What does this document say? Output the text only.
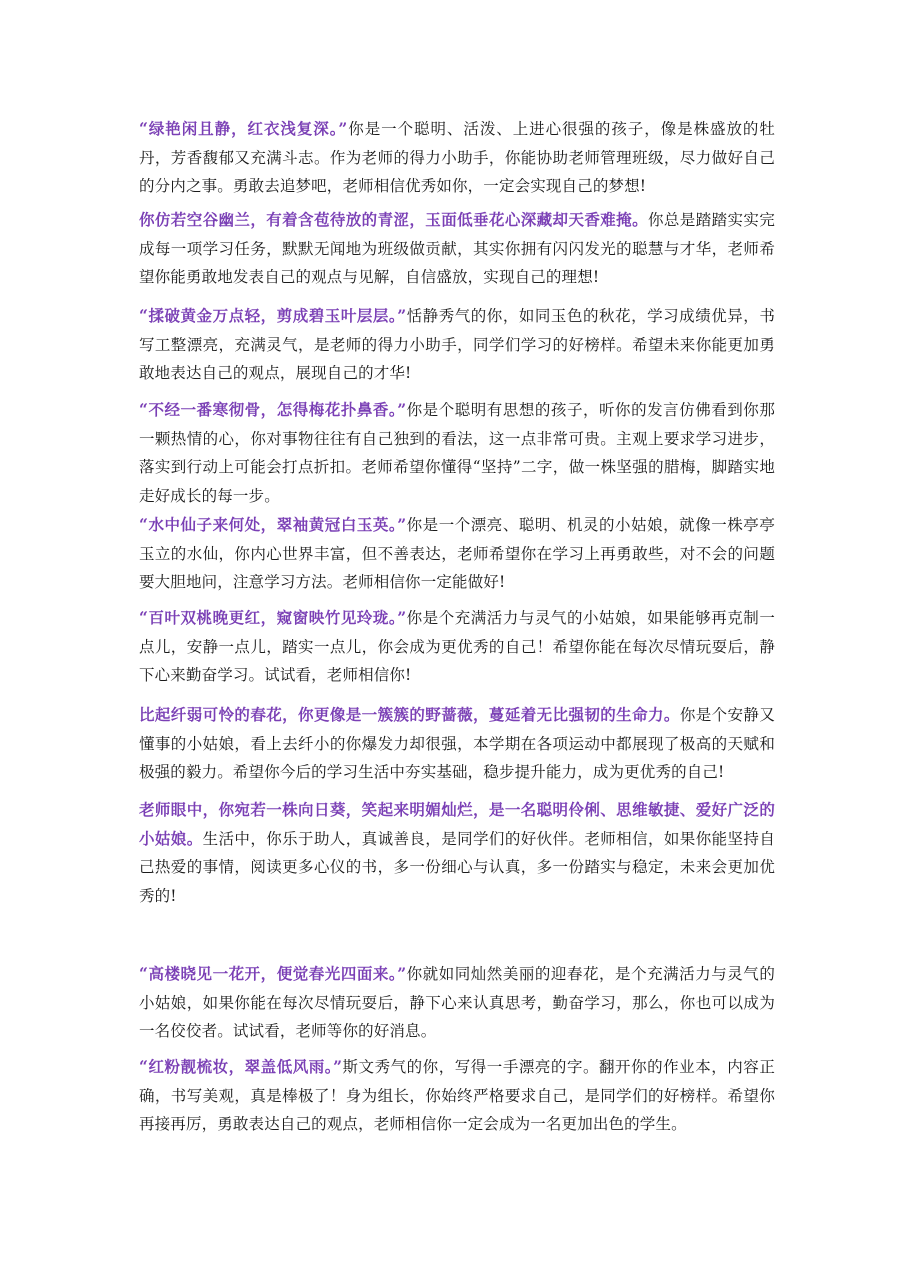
“绿艳闲且静，红衣浅复深。”你是一个聪明、活泼、上进心很强的孩子，像是株盛放的牡丹，芳香馥郁又充满斗志。作为老师的得力小助手，你能协助老师管理班级，尽力做好自己的分内之事。勇敢去追梦吧，老师相信优秀如你，一定会实现自己的梦想!

你仿若空谷幽兰，有着含苞待放的青涩，玉面低垂花心深藏却天香难掩。你总是踏踏实实完成每一项学习任务，默默无闻地为班级做贡献，其实你拥有闪闪发光的聪慧与才华，老师希望你能勇敢地发表自己的观点与见解，自信盛放，实现自己的理想!

“揉破黄金万点轻，剪成碧玉叶层层。”恬静秀气的你，如同玉色的秋花，学习成绩优异，书写工整漂亮，充满灵气，是老师的得力小助手，同学们学习的好榜样。希望未来你能更加勇敢地表达自己的观点，展现自己的才华!

“不经一番寒彻骨，怎得梅花扑鼻香。”你是个聪明有思想的孩子，听你的发言仿佛看到你那一颗热情的心，你对事物往往有自己独到的看法，这一点非常可贵。主观上要求学习进步，落实到行动上可能会打点折扣。老师希望你懂得“坚持”二字，做一株坚强的腊梅，脚踏实地走好成长的每一步。

“水中仙子来何处，翠袖黄冠白玉英。”你是一个漂亮、聪明、机灵的小姑娘，就像一株亭亭玉立的水仙，你内心世界丰富，但不善表达，老师希望你在学习上再勇敢些，对不会的问题要大胆地问，注意学习方法。老师相信你一定能做好!

“百叶双桃晚更红，窥窗映竹见玲珑。”你是个充满活力与灵气的小姑娘，如果能够再克制一点儿，安静一点儿，踏实一点儿，你会成为更优秀的自己！希望你能在每次尽情玩耍后，静下心来勤奋学习。试试看，老师相信你!

比起纤弱可怜的春花，你更像是一簇簇的野蔷薇，蔓延着无比强韧的生命力。你是个安静又懂事的小姑娘，看上去纤小的你爆发力却很强，本学期在各项运动中都展现了极高的天赋和极强的毅力。希望你今后的学习生活中夯实基础，稳步提升能力，成为更优秀的自己!

老师眼中，你宛若一株向日葵，笑起来明媚灿烂，是一名聪明伶俐、思维敏捷、爱好广泛的小姑娘。生活中，你乐于助人，真诚善良，是同学们的好伙伴。老师相信，如果你能坚持自己热爱的事情，阅读更多心仪的书，多一份细心与认真，多一份踏实与稳定，未来会更加优秀的!

“高楼晓见一花开，便觉春光四面来。”你就如同灿然美丽的迎春花，是个充满活力与灵气的小姑娘，如果你能在每次尽情玩耍后，静下心来认真思考，勤奋学习，那么，你也可以成为一名佼佼者。试试看，老师等你的好消息。

“红粉靓梳妆，翠盖低风雨。”斯文秀气的你，写得一手漂亮的字。翻开你的作业本，内容正确，书写美观，真是棒极了！身为组长，你始终严格要求自己，是同学们的好榜样。希望你再接再厉，勇敢表达自己的观点，老师相信你一定会成为一名更加出色的学生。
